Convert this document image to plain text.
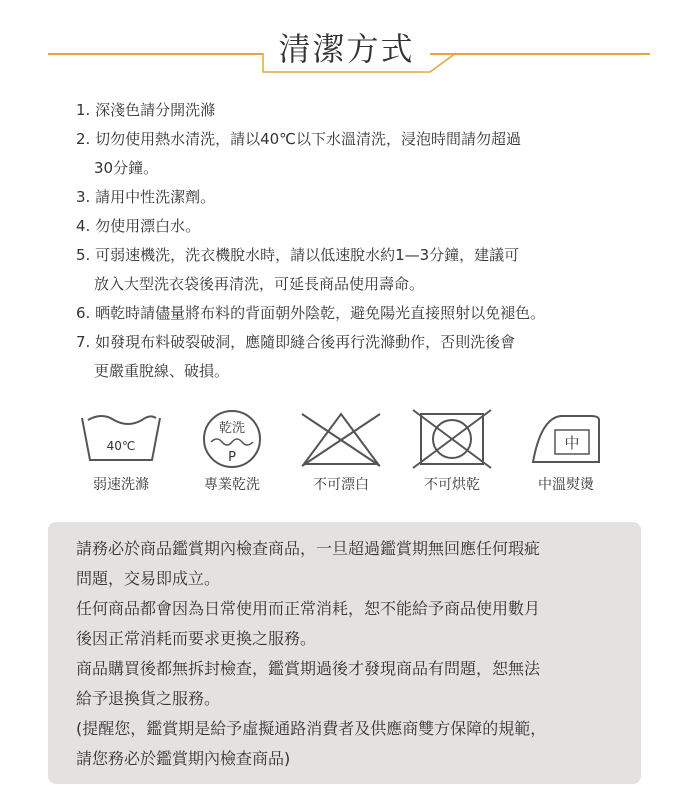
清潔方式
1. 深淺色請分開洗滌
2. 切勿使用熱水清洗，請以40℃以下水溫清洗，浸泡時間請勿超過
30分鐘。
3. 請用中性洗潔劑。
4. 勿使用漂白水。
5. 可弱速機洗，洗衣機脫水時，請以低速脫水約1—3分鐘，建議可
放入大型洗衣袋後再清洗，可延長商品使用壽命。
6. 晒乾時請儘量將布料的背面朝外陰乾，避免陽光直接照射以免褪色。
7. 如發現布料破裂破洞，應隨即縫合後再行洗滌動作，否則洗後會
更嚴重脫線、破損。
40℃
弱速洗滌
乾洗
P
專業乾洗	不可漂白	不可烘乾
中
中溫熨燙

請務必於商品鑑賞期內檢查商品，一旦超過鑑賞期無回應任何瑕疵

問題，交易即成立。

任何商品都會因為日常使用而正常消耗，恕不能給予商品使用數月

後因正常消耗而要求更換之服務。

商品購買後都無拆封檢查，鑑賞期過後才發現商品有問題，恕無法

給予退換貨之服務。

(提醒您，鑑賞期是給予虛擬通路消費者及供應商雙方保障的規範，

請您務必於鑑賞期內檢查商品)
